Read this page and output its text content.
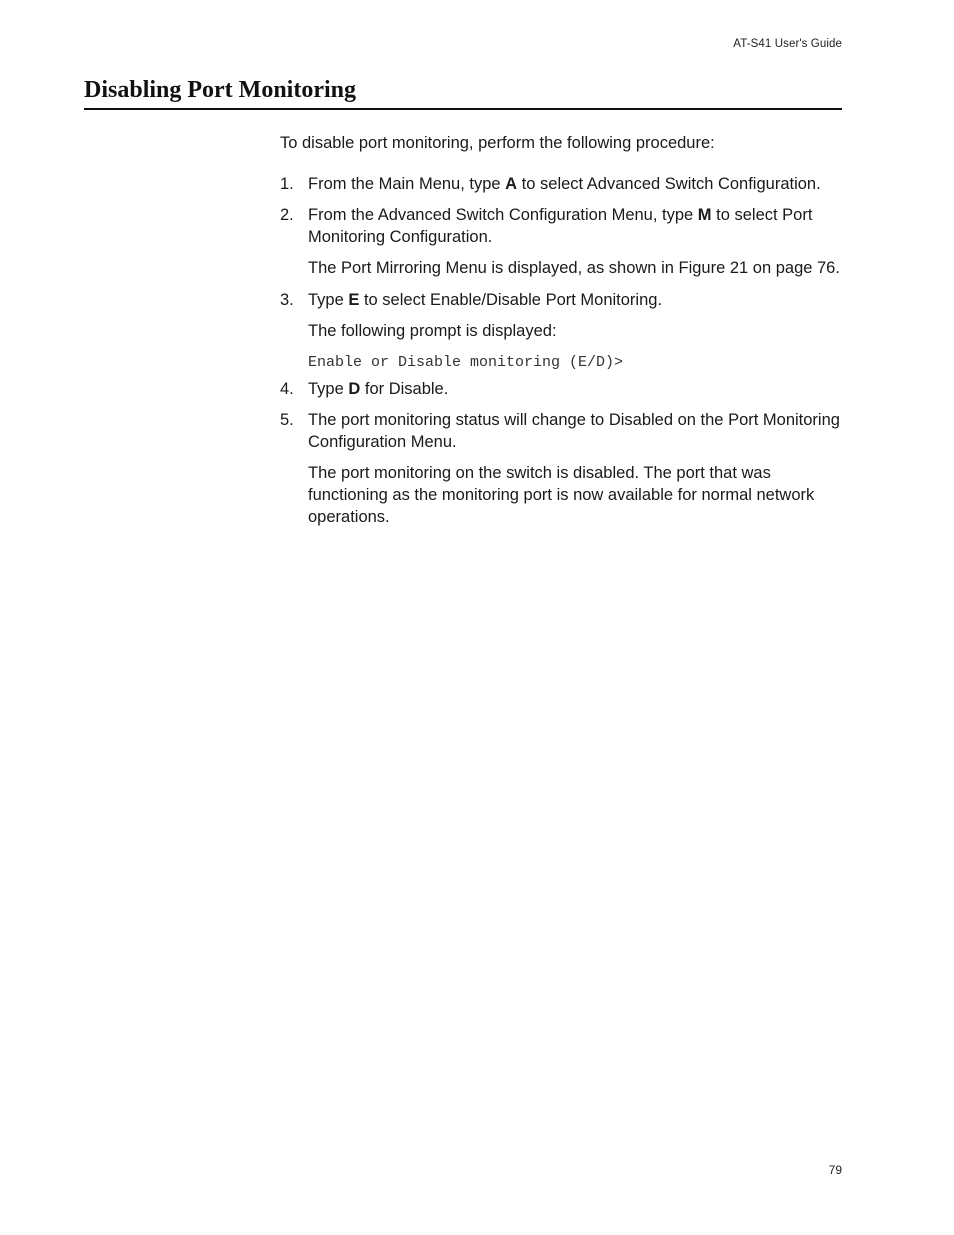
AT-S41 User's Guide
Disabling Port Monitoring

To disable port monitoring, perform the following procedure:

1. From the Main Menu, type A to select Advanced Switch Configuration.
2. From the Advanced Switch Configuration Menu, type M to select Port Monitoring Configuration.

The Port Mirroring Menu is displayed, as shown in Figure 21 on page 76.

3. Type E to select Enable/Disable Port Monitoring.

The following prompt is displayed:

Enable or Disable monitoring (E/D)>

4. Type D for Disable.
5. The port monitoring status will change to Disabled on the Port Monitoring Configuration Menu.

The port monitoring on the switch is disabled. The port that was functioning as the monitoring port is now available for normal network operations.

79
